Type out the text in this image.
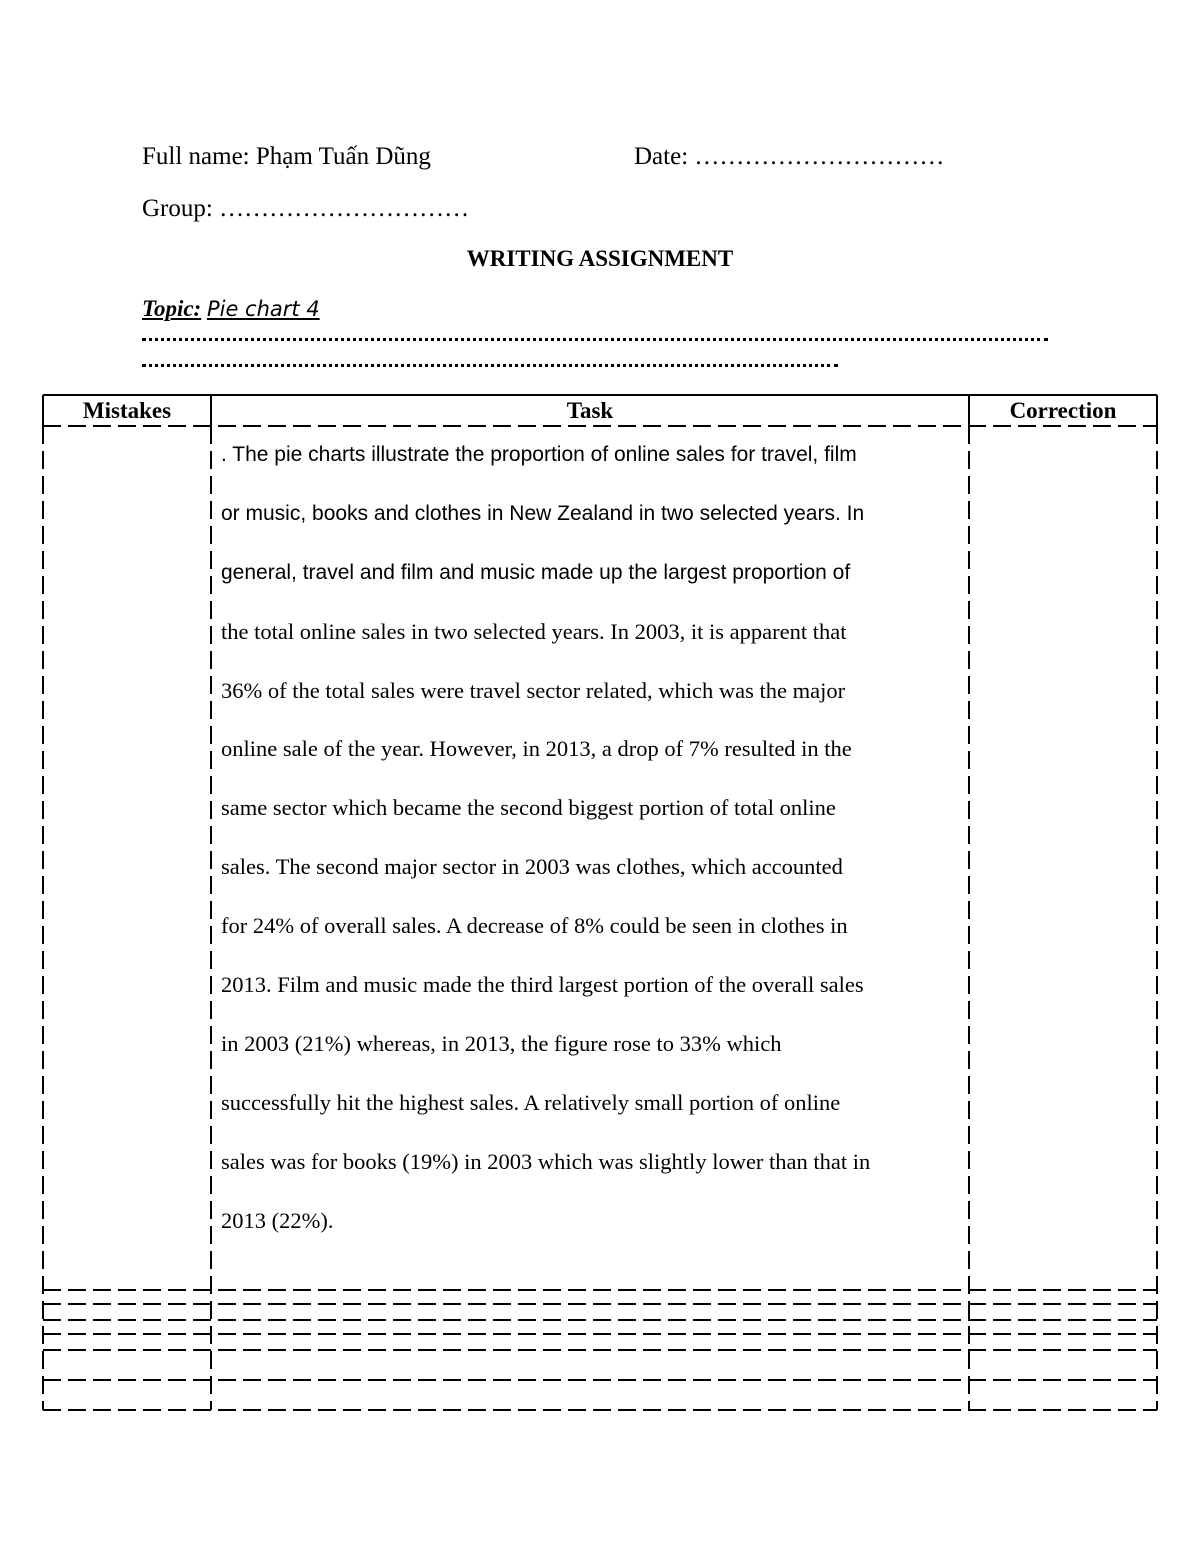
Full name: Phạm Tuấn Dũng	Date: …………………………
Group: …………………………
WRITING ASSIGNMENT
Topic: Pie chart 4
Mistakes	Task	Correction
. The pie charts illustrate the proportion of online sales for travel, film
or music, books and clothes in New Zealand in two selected years. In
general, travel and film and music made up the largest proportion of
the total online sales in two selected years. In 2003, it is apparent that
36% of the total sales were travel sector related, which was the major
online sale of the year. However, in 2013, a drop of 7% resulted in the
same sector which became the second biggest portion of total online
sales. The second major sector in 2003 was clothes, which accounted
for 24% of overall sales. A decrease of 8% could be seen in clothes in
2013. Film and music made the third largest portion of the overall sales
in 2003 (21%) whereas, in 2013, the figure rose to 33% which
successfully hit the highest sales. A relatively small portion of online
sales was for books (19%) in 2003 which was slightly lower than that in
2013 (22%).
